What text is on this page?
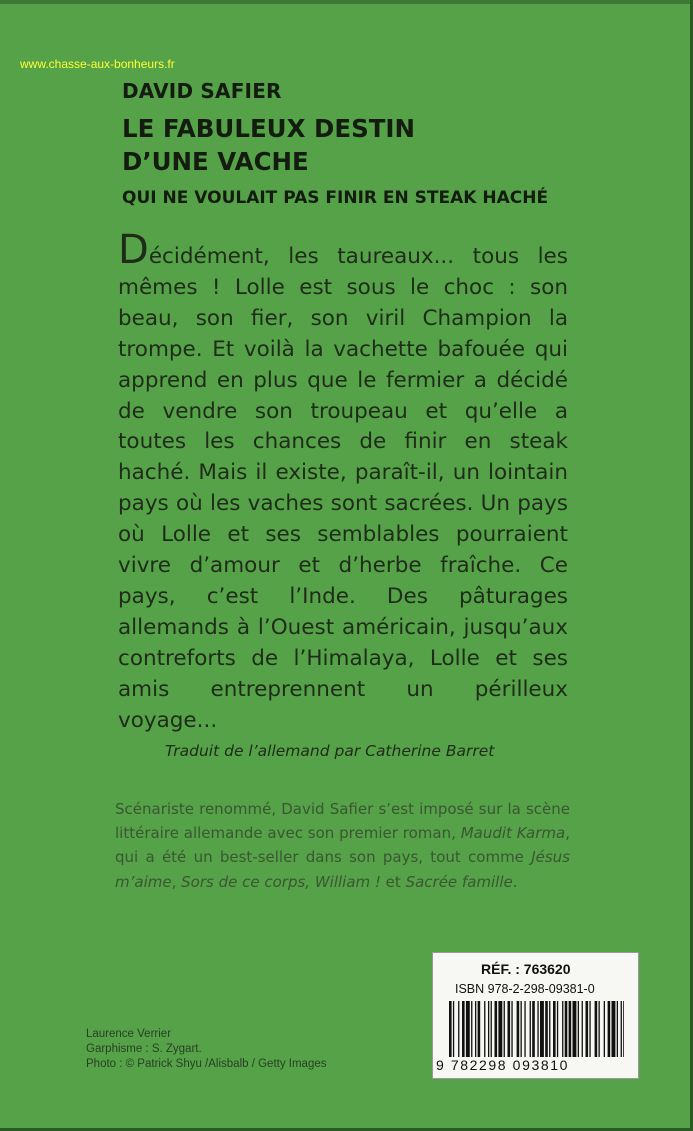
www.chasse-aux-bonheurs.fr
DAVID SAFIER
LE FABULEUX DESTIN
D’UNE VACHE
QUI NE VOULAIT PAS FINIR EN STEAK HACHÉ

Décidément, les taureaux... tous les mêmes ! Lolle est sous le choc : son beau, son fier, son viril Champion la trompe. Et voilà la vachette bafouée qui apprend en plus que le fermier a décidé de vendre son troupeau et qu’elle a toutes les chances de finir en steak haché. Mais il existe, paraît-il, un lointain pays où les vaches sont sacrées. Un pays où Lolle et ses semblables pourraient vivre d’amour et d’herbe fraîche. Ce pays, c’est l’Inde. Des pâturages allemands à l’Ouest américain, jusqu’aux contreforts de l’Himalaya, Lolle et ses amis entreprennent un périlleux voyage...

Traduit de l’allemand par Catherine Barret

Scénariste renommé, David Safier s’est imposé sur la scène littéraire allemande avec son premier roman, Maudit Karma, qui a été un best-seller dans son pays, tout comme Jésus m’aime, Sors de ce corps, William ! et Sacrée famille.

Laurence Verrier
Garphisme : S. Zygart.
Photo : © Patrick Shyu /Alisbalb / Getty Images
RÉF. : 763620
ISBN 978-2-298-09381-0
9 782298 093810
